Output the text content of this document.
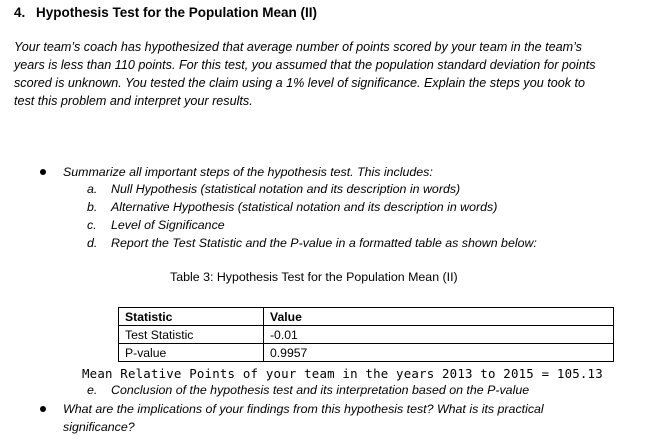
4. Hypothesis Test for the Population Mean (II)

Your team’s coach has hypothesized that average number of points scored by your team in the team’s

years is less than 110 points. For this test, you assumed that the population standard deviation for points

scored is unknown. You tested the claim using a 1% level of significance. Explain the steps you took to

test this problem and interpret your results.

Summarize all important steps of the hypothesis test. This includes:
a. Null Hypothesis (statistical notation and its description in words)
b. Alternative Hypothesis (statistical notation and its description in words)
c. Level of Significance
d. Report the Test Statistic and the P-value in a formatted table as shown below:
Table 3: Hypothesis Test for the Population Mean (II)
Statistic	Value
Test Statistic	-0.01
P-value	0.9957
Mean Relative Points of your team in the years 2013 to 2015 = 105.13
e. Conclusion of the hypothesis test and its interpretation based on the P-value
What are the implications of your findings from this hypothesis test? What is its practical
significance?
